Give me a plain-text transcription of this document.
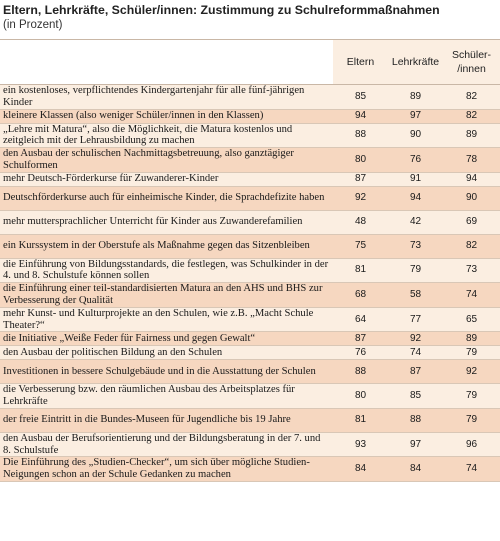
Eltern, Lehrkräfte, Schüler/innen: Zustimmung zu Schulreformmaßnahmen
(in Prozent)
	Eltern	Lehrkräfte	Schüler-
/innen
ein kostenloses, verpflichtendes Kindergartenjahr für alle fünf-jährigen Kinder	85	89	82
kleinere Klassen (also weniger Schüler/innen in den Klassen)	94	97	82
„Lehre mit Matura“, also die Möglichkeit, die Matura kostenlos und zeitgleich mit der Lehrausbildung zu machen	88	90	89
den Ausbau der schulischen Nachmittagsbetreuung, also ganztägiger Schulformen	80	76	78
mehr Deutsch-Förderkurse für Zuwanderer-Kinder	87	91	94
Deutschförderkurse auch für einheimische Kinder, die Sprachdefizite haben	92	94	90
mehr muttersprachlicher Unterricht für Kinder aus Zuwanderefamilien	48	42	69
ein Kurssystem in der Oberstufe als Maßnahme gegen das Sitzenbleiben	75	73	82
die Einführung von Bildungsstandards, die festlegen, was Schulkinder in der 4. und 8. Schulstufe können sollen	81	79	73
die Einführung einer teil-standardisierten Matura an den AHS und BHS zur Verbesserung der Qualität	68	58	74
mehr Kunst- und Kulturprojekte an den Schulen, wie z.B. „Macht Schule Theater?“	64	77	65
die Initiative „Weiße Feder für Fairness und gegen Gewalt“	87	92	89
den Ausbau der politischen Bildung an den Schulen	76	74	79
Investitionen in bessere Schulgebäude und in die Ausstattung der Schulen	88	87	92
die Verbesserung bzw. den räumlichen Ausbau des Arbeitsplatzes für Lehrkräfte	80	85	79
der freie Eintritt in die Bundes-Museen für Jugendliche bis 19 Jahre	81	88	79
den Ausbau der Berufsorientierung und der Bildungsberatung in der 7. und 8. Schulstufe	93	97	96
Die Einführung des „Studien-Checker“, um sich über mögliche Studien-Neigungen schon an der Schule Gedanken zu machen	84	84	74
